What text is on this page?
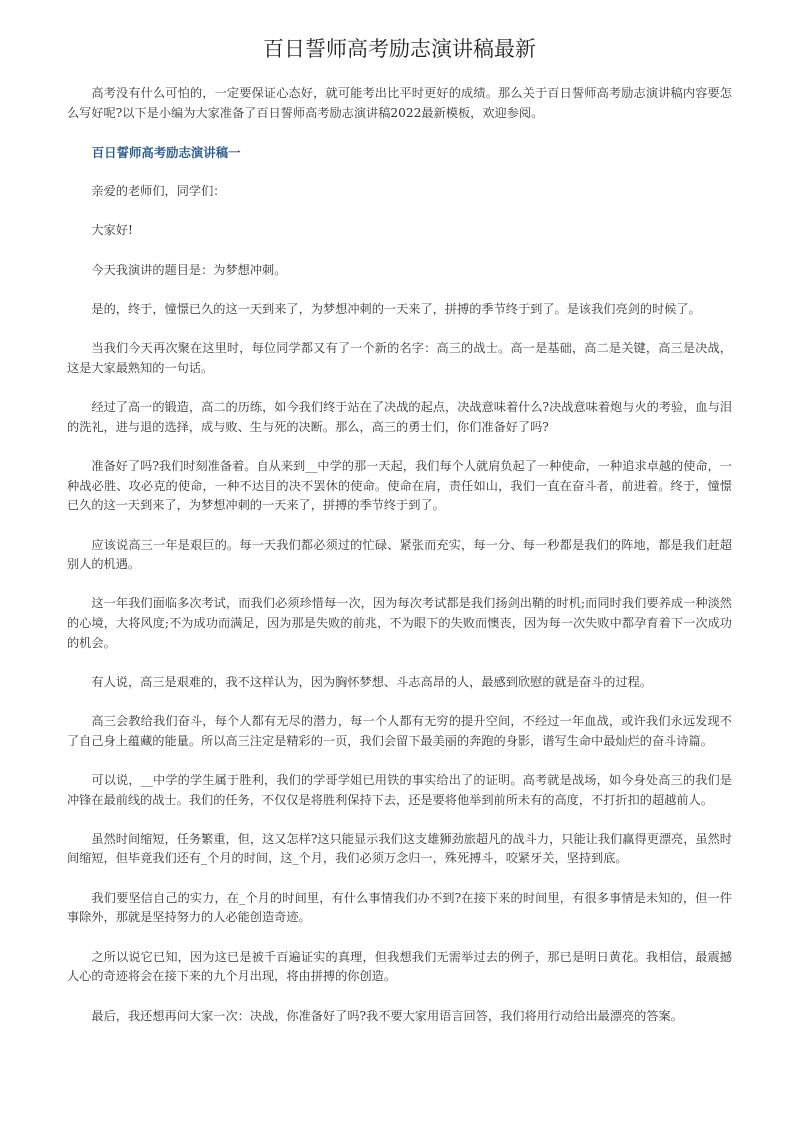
百日誓师高考励志演讲稿最新

高考没有什么可怕的，一定要保证心态好，就可能考出比平时更好的成绩。那么关于百日誓师高考励志演讲稿内容要怎么写好呢?以下是小编为大家准备了百日誓师高考励志演讲稿2022最新模板，欢迎参阅。

百日誓师高考励志演讲稿一

亲爱的老师们，同学们：

大家好!

今天我演讲的题目是：为梦想冲刺。

是的，终于，憧憬已久的这一天到来了，为梦想冲刺的一天来了，拼搏的季节终于到了。是该我们亮剑的时候了。

当我们今天再次聚在这里时，每位同学都又有了一个新的名字：高三的战士。高一是基础，高二是关键，高三是决战，这是大家最熟知的一句话。

经过了高一的锻造，高二的历练，如今我们终于站在了决战的起点，决战意味着什么?决战意味着炮与火的考验，血与泪的洗礼，进与退的选择，成与败、生与死的决断。那么，高三的勇士们，你们准备好了吗?

准备好了吗?我们时刻准备着。自从来到__中学的那一天起，我们每个人就肩负起了一种使命，一种追求卓越的使命，一种战必胜、攻必克的使命，一种不达目的决不罢休的使命。使命在肩，责任如山，我们一直在奋斗者，前进着。终于，憧憬已久的这一天到来了，为梦想冲刺的一天来了，拼搏的季节终于到了。

应该说高三一年是艰巨的。每一天我们都必须过的忙碌、紧张而充实，每一分、每一秒都是我们的阵地，都是我们赶超别人的机遇。

这一年我们面临多次考试，而我们必须珍惜每一次，因为每次考试都是我们扬剑出鞘的时机;而同时我们要养成一种淡然的心境，大将风度;不为成功而满足，因为那是失败的前兆，不为眼下的失败而懊丧，因为每一次失败中都孕育着下一次成功的机会。

有人说，高三是艰难的，我不这样认为，因为胸怀梦想、斗志高昂的人，最感到欣慰的就是奋斗的过程。

高三会教给我们奋斗，每个人都有无尽的潜力，每一个人都有无穷的提升空间，不经过一年血战，或许我们永远发现不了自己身上蕴藏的能量。所以高三注定是精彩的一页，我们会留下最美丽的奔跑的身影，谱写生命中最灿烂的奋斗诗篇。

可以说，__中学的学生属于胜利，我们的学哥学姐已用铁的事实给出了的证明。高考就是战场，如今身处高三的我们是冲锋在最前线的战士。我们的任务，不仅仅是将胜利保持下去，还是要将他举到前所未有的高度，不打折扣的超越前人。

虽然时间缩短，任务繁重，但，这又怎样?这只能显示我们这支雄狮劲旅超凡的战斗力，只能让我们赢得更漂亮，虽然时间缩短，但毕竟我们还有_个月的时间，这_个月，我们必须万念归一，殊死搏斗，咬紧牙关，坚持到底。

我们要坚信自己的实力，在_个月的时间里，有什么事情我们办不到?在接下来的时间里，有很多事情是未知的，但一件事除外，那就是坚持努力的人必能创造奇迹。

之所以说它已知，因为这已是被千百遍证实的真理，但我想我们无需举过去的例子，那已是明日黄花。我相信，最震撼人心的奇迹将会在接下来的九个月出现，将由拼搏的你创造。

最后，我还想再问大家一次：决战，你准备好了吗?我不要大家用语言回答，我们将用行动给出最漂亮的答案。
